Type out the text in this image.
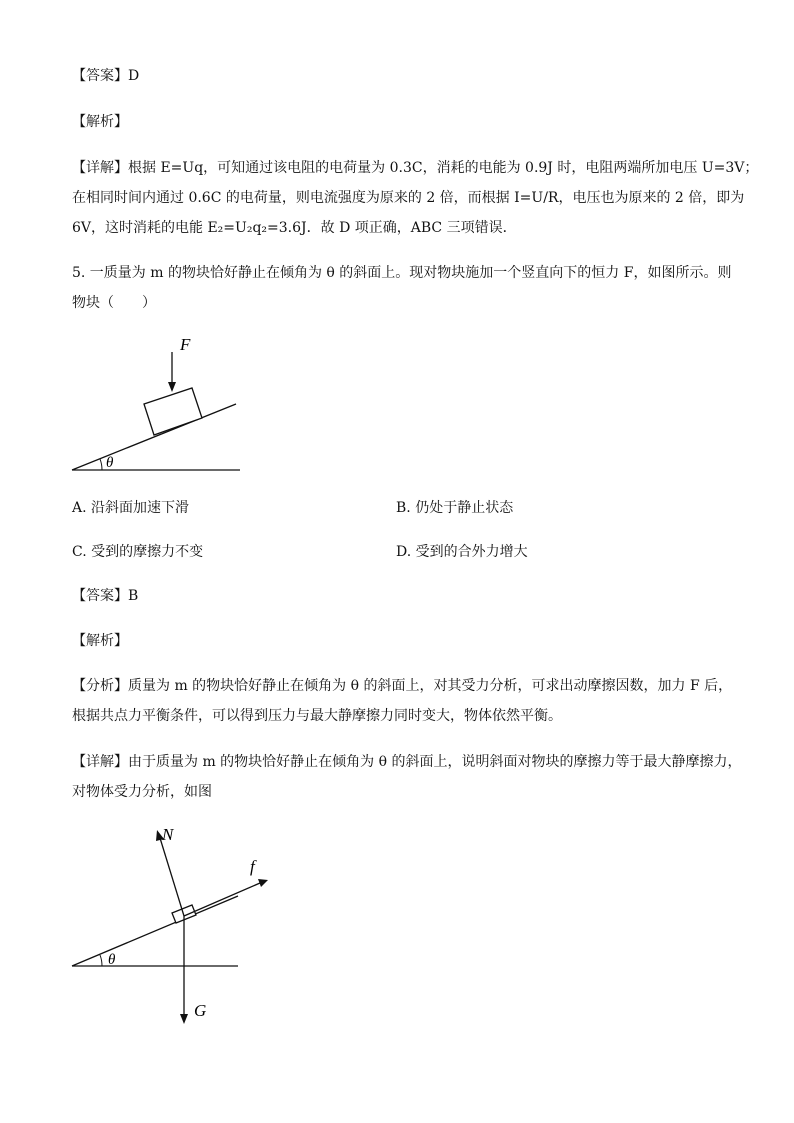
【答案】D
【解析】
【详解】根据 E=Uq，可知通过该电阻的电荷量为 0.3C，消耗的电能为 0.9J 时，电阻两端所加电压 U=3V；
在相同时间内通过 0.6C 的电荷量，则电流强度为原来的 2 倍，而根据 I=U/R，电压也为原来的 2 倍，即为
6V，这时消耗的电能 E₂=U₂q₂=3.6J．故 D 项正确，ABC 三项错误．
5. 一质量为 m 的物块恰好静止在倾角为 θ 的斜面上。现对物块施加一个竖直向下的恒力 F，如图所示。则
物块（　　）
θ
F
A. 沿斜面加速下滑	B. 仍处于静止状态
C. 受到的摩擦力不变	D. 受到的合外力增大
【答案】B
【解析】
【分析】质量为 m 的物块恰好静止在倾角为 θ 的斜面上，对其受力分析，可求出动摩擦因数，加力 F 后，
根据共点力平衡条件，可以得到压力与最大静摩擦力同时变大，物体依然平衡。
【详解】由于质量为 m 的物块恰好静止在倾角为 θ 的斜面上，说明斜面对物块的摩擦力等于最大静摩擦力，
对物体受力分析，如图
θ
N
f
G
